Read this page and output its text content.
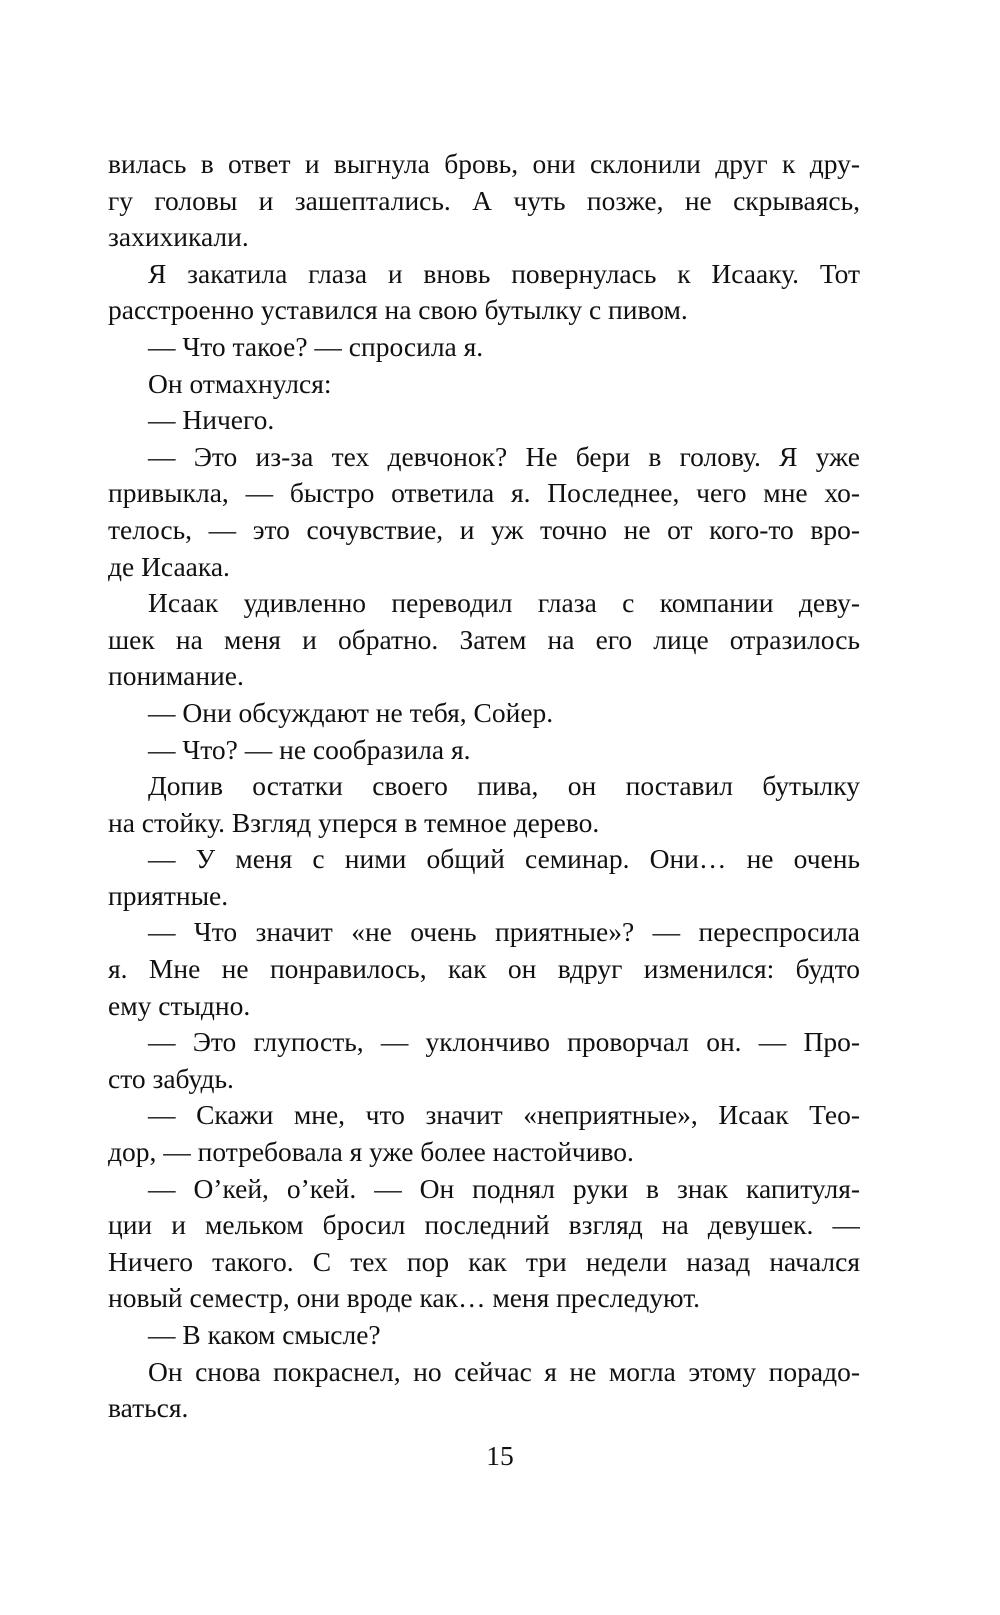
вилась в ответ и выгнула бровь, они склонили друг к дру-
гу головы и зашептались. А чуть позже, не скрываясь,
захихикали.
Я закатила глаза и вновь повернулась к Исааку. Тот
расстроенно уставился на свою бутылку с пивом.
— Что такое? — спросила я.
Он отмахнулся:
— Ничего.
— Это из-за тех девчонок? Не бери в голову. Я уже
привыкла, — быстро ответила я. Последнее, чего мне хо-
телось, — это сочувствие, и уж точно не от кого-то вро-
де Исаака.
Исаак удивленно переводил глаза с компании деву-
шек на меня и обратно. Затем на его лице отразилось
понимание.
— Они обсуждают не тебя, Сойер.
— Что? — не сообразила я.
Допив остатки своего пива, он поставил бутылку
на стойку. Взгляд уперся в темное дерево.
— У меня с ними общий семинар. Они… не очень
приятные.
— Что значит «не очень приятные»? — переспросила
я. Мне не понравилось, как он вдруг изменился: будто
ему стыдно.
— Это глупость, — уклончиво проворчал он. — Про-
сто забудь.
— Скажи мне, что значит «неприятные», Исаак Тео-
дор, — потребовала я уже более настойчиво.
— О’кей, о’кей. — Он поднял руки в знак капитуля-
ции и мельком бросил последний взгляд на девушек. —
Ничего такого. С тех пор как три недели назад начался
новый семестр, они вроде как… меня преследуют.
— В каком смысле?
Он снова покраснел, но сейчас я не могла этому порадо-
ваться.
15
